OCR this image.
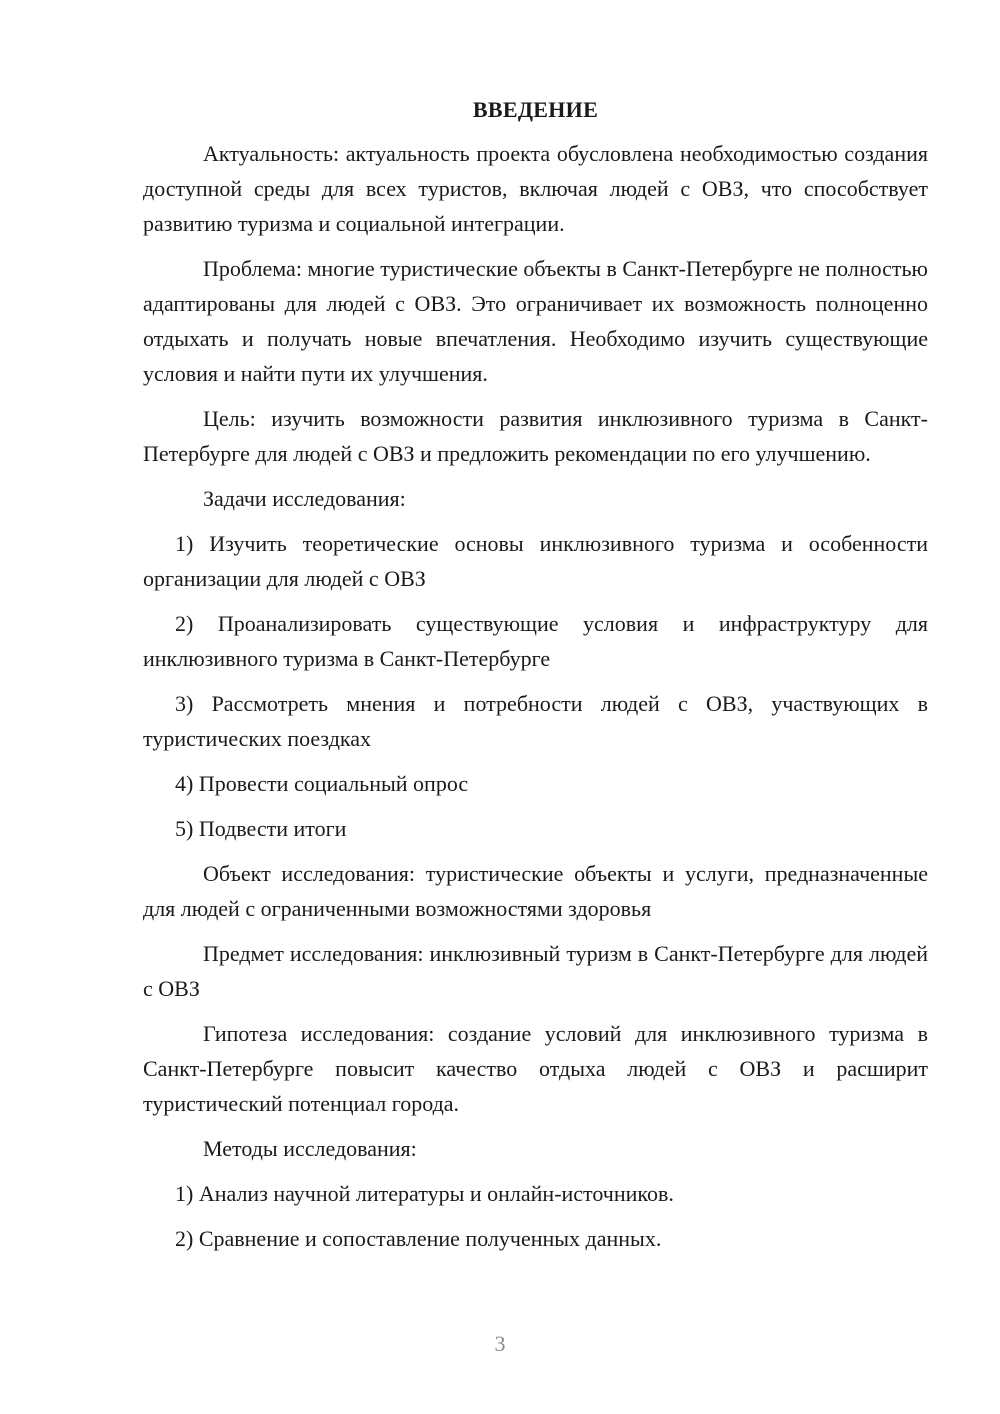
ВВЕДЕНИЕ

Актуальность: актуальность проекта обусловлена необходимостью создания доступной среды для всех туристов, включая людей с ОВЗ, что способствует развитию туризма и социальной интеграции.

Проблема: многие туристические объекты в Санкт-Петербурге не полностью адаптированы для людей с ОВЗ. Это ограничивает их возможность полноценно отдыхать и получать новые впечатления. Необходимо изучить существующие условия и найти пути их улучшения.

Цель: изучить возможности развития инклюзивного туризма в Санкт-Петербурге для людей с ОВЗ и предложить рекомендации по его улучшению.

Задачи исследования:

1) Изучить теоретические основы инклюзивного туризма и особенности организации для людей с ОВЗ

2) Проанализировать существующие условия и инфраструктуру для инклюзивного туризма в Санкт-Петербурге

3) Рассмотреть мнения и потребности людей с ОВЗ, участвующих в туристических поездках

4) Провести социальный опрос

5) Подвести итоги

Объект исследования: туристические объекты и услуги, предназначенные для людей с ограниченными возможностями здоровья

Предмет исследования: инклюзивный туризм в Санкт-Петербурге для людей с ОВЗ

Гипотеза исследования: создание условий для инклюзивного туризма в Санкт-Петербурге повысит качество отдыха людей с ОВЗ и расширит туристический потенциал города.

Методы исследования:

1) Анализ научной литературы и онлайн-источников.

2) Сравнение и сопоставление полученных данных.

3
